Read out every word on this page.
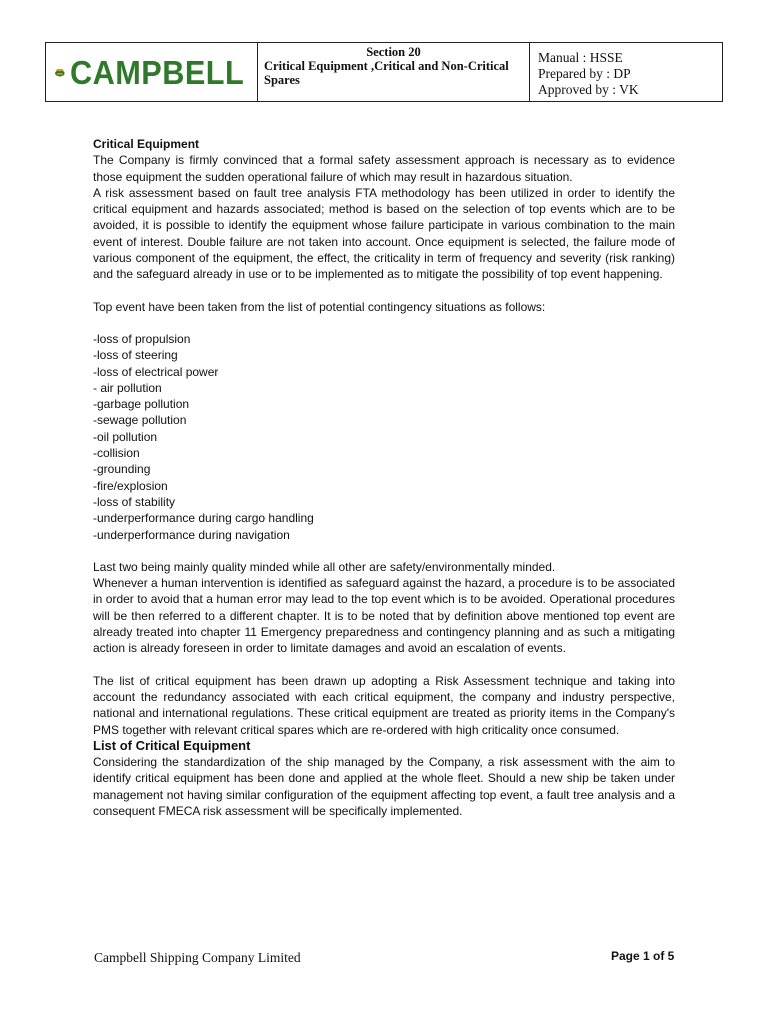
CAMPBELL
Section 20
Critical Equipment ,Critical and Non-Critical Spares
Manual : HSSE
Prepared by : DP
Approved by : VK

Critical Equipment

The Company is firmly convinced that a formal safety assessment approach is necessary as to evidence those equipment the sudden operational failure of which may result in hazardous situation.

A risk assessment based on fault tree analysis FTA methodology has been utilized in order to identify the critical equipment and hazards associated; method is based on the selection of top events which are to be avoided, it is possible to identify the equipment whose failure participate in various combination to the main event of interest. Double failure are not taken into account. Once equipment is selected, the failure mode of various component of the equipment, the effect, the criticality in term of frequency and severity (risk ranking) and the safeguard already in use or to be implemented as to mitigate the possibility of top event happening.

Top event have been taken from the list of potential contingency situations as follows:

-loss of propulsion

-loss of steering

-loss of electrical power

- air pollution

-garbage pollution

-sewage pollution

-oil pollution

-collision

-grounding

-fire/explosion

-loss of stability

-underperformance during cargo handling

-underperformance during navigation

Last two being mainly quality minded while all other are safety/environmentally minded.

Whenever a human intervention is identified as safeguard against the hazard, a procedure is to be associated in order to avoid that a human error may lead to the top event which is to be avoided. Operational procedures will be then referred to a different chapter. It is to be noted that by definition above mentioned top event are already treated into chapter 11 Emergency preparedness and contingency planning and as such a mitigating action is already foreseen in order to limitate damages and avoid an escalation of events.

The list of critical equipment has been drawn up adopting a Risk Assessment technique and taking into account the redundancy associated with each critical equipment, the company and industry perspective, national and international regulations. These critical equipment are treated as priority items in the Company's PMS together with relevant critical spares which are re-ordered with high criticality once consumed.

List of Critical Equipment

Considering the standardization of the ship managed by the Company, a risk assessment with the aim to identify critical equipment has been done and applied at the whole fleet. Should a new ship be taken under management not having similar configuration of the equipment affecting top event, a fault tree analysis and a consequent FMECA risk assessment will be specifically implemented.

Campbell Shipping Company Limited	Page 1 of 5
